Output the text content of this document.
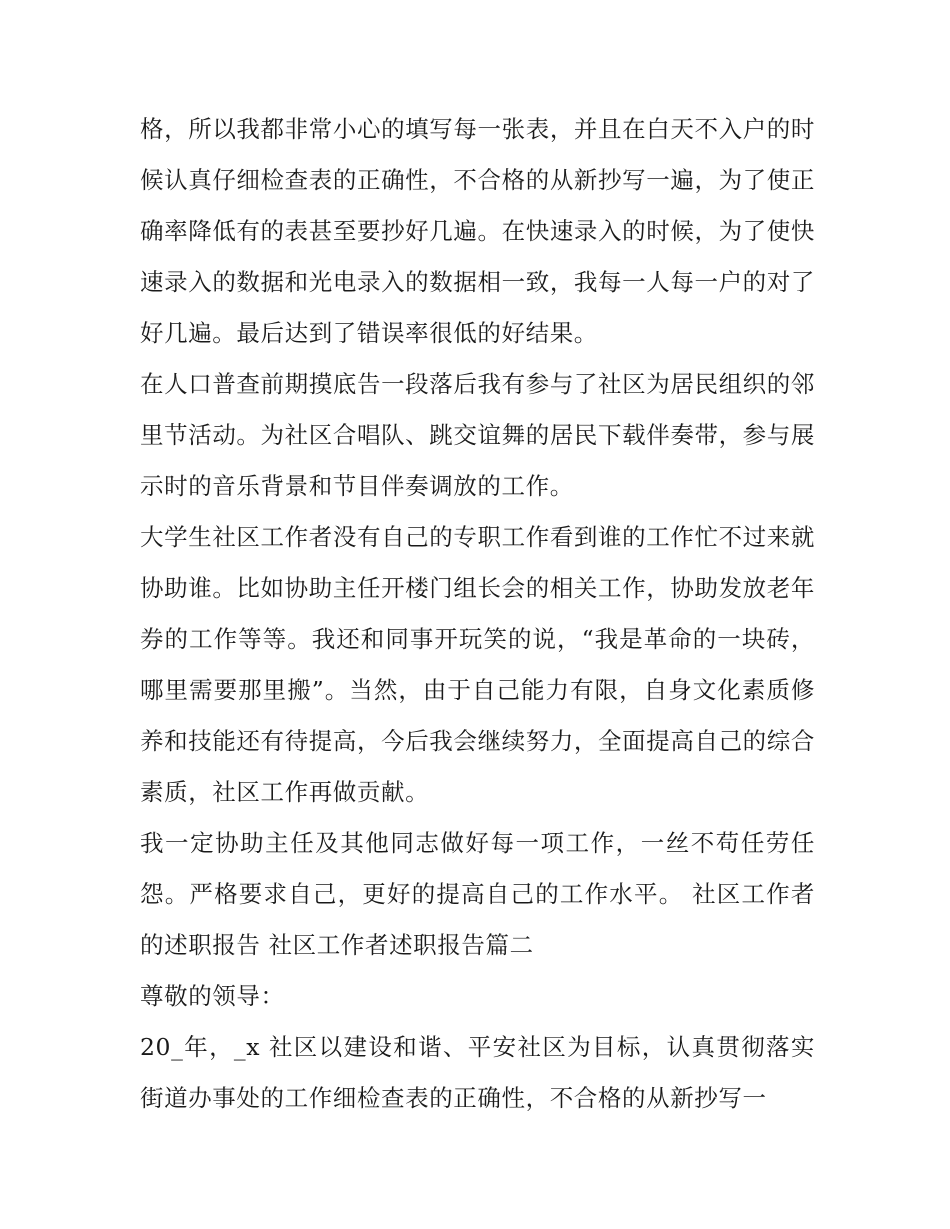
格，所以我都非常小心的填写每一张表，并且在白天不入户的时候认真仔细检查表的正确性，不合格的从新抄写一遍，为了使正确率降低有的表甚至要抄好几遍。在快速录入的时候，为了使快速录入的数据和光电录入的数据相一致，我每一人每一户的对了好几遍。最后达到了错误率很低的好结果。

在人口普查前期摸底告一段落后我有参与了社区为居民组织的邻里节活动。为社区合唱队、跳交谊舞的居民下载伴奏带，参与展示时的音乐背景和节目伴奏调放的工作。

大学生社区工作者没有自己的专职工作看到谁的工作忙不过来就协助谁。比如协助主任开楼门组长会的相关工作，协助发放老年券的工作等等。我还和同事开玩笑的说，“我是革命的一块砖，哪里需要那里搬”。当然，由于自己能力有限，自身文化素质修养和技能还有待提高，今后我会继续努力，全面提高自己的综合素质，社区工作再做贡献。

我一定协助主任及其他同志做好每一项工作，一丝不苟任劳任怨。严格要求自己，更好的提高自己的工作水平。 社区工作者的述职报告 社区工作者述职报告篇二

尊敬的领导：

20_年，_x 社区以建设和谐、平安社区为目标，认真贯彻落实街道办事处的工作细检查表的正确性，不合格的从新抄写一
